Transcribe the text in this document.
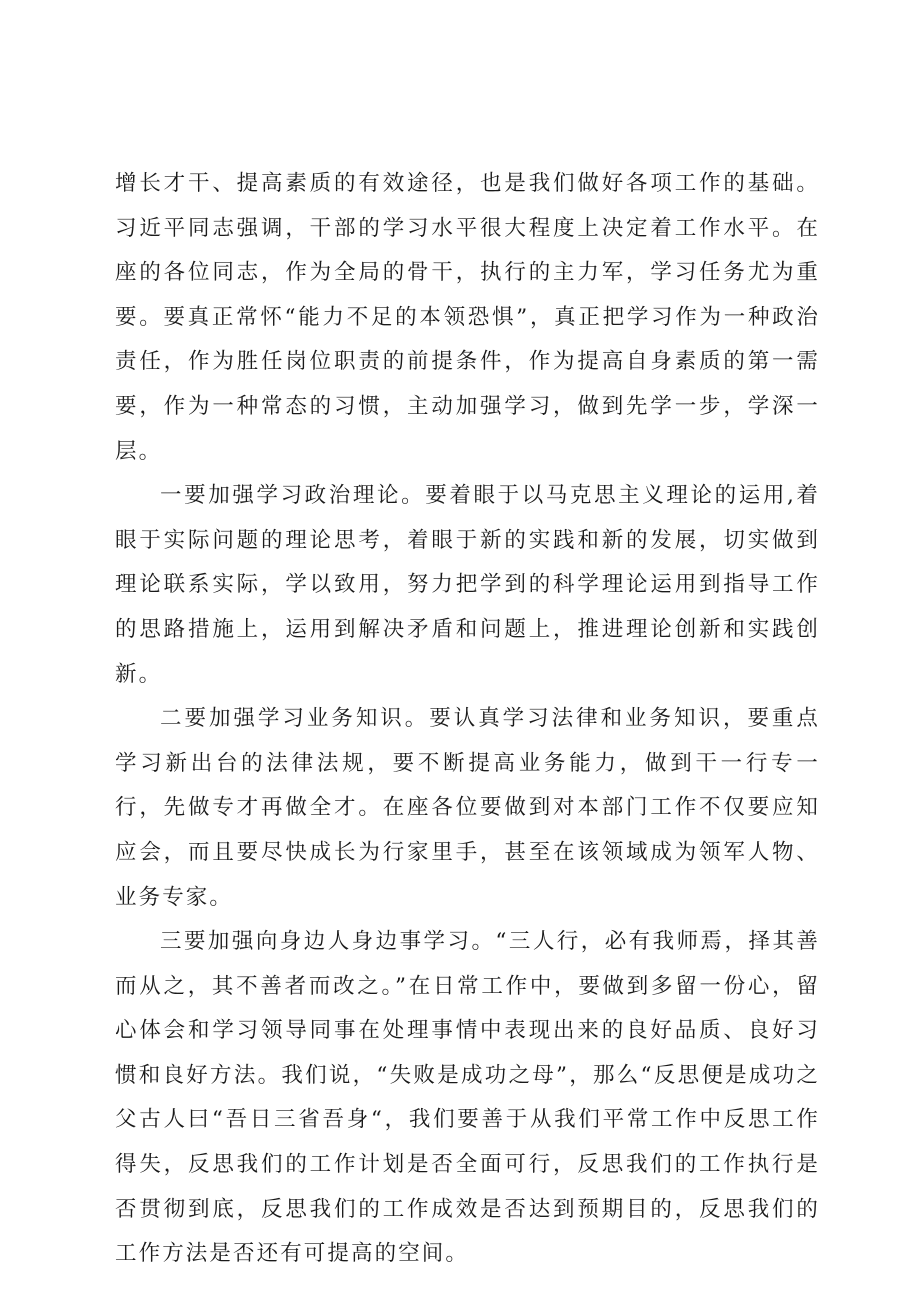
增长才干、提高素质的有效途径，也是我们做好各项工作的基础。习近平同志强调，干部的学习水平很大程度上决定着工作水平。在座的各位同志，作为全局的骨干，执行的主力军，学习任务尤为重要。要真正常怀“能力不足的本领恐惧”，真正把学习作为一种政治责任，作为胜任岗位职责的前提条件，作为提高自身素质的第一需要，作为一种常态的习惯，主动加强学习，做到先学一步，学深一层。

一要加强学习政治理论。要着眼于以马克思主义理论的运用,着眼于实际问题的理论思考，着眼于新的实践和新的发展，切实做到理论联系实际，学以致用，努力把学到的科学理论运用到指导工作的思路措施上，运用到解决矛盾和问题上，推进理论创新和实践创新。

二要加强学习业务知识。要认真学习法律和业务知识，要重点学习新出台的法律法规，要不断提高业务能力，做到干一行专一行，先做专才再做全才。在座各位要做到对本部门工作不仅要应知应会，而且要尽快成长为行家里手，甚至在该领域成为领军人物、业务专家。

三要加强向身边人身边事学习。“三人行，必有我师焉，择其善而从之，其不善者而改之。”在日常工作中，要做到多留一份心，留心体会和学习领导同事在处理事情中表现出来的良好品质、良好习惯和良好方法。我们说，“失败是成功之母”，那么“反思便是成功之父古人曰“吾日三省吾身“，我们要善于从我们平常工作中反思工作得失，反思我们的工作计划是否全面可行，反思我们的工作执行是否贯彻到底，反思我们的工作成效是否达到预期目的，反思我们的工作方法是否还有可提高的空间。
